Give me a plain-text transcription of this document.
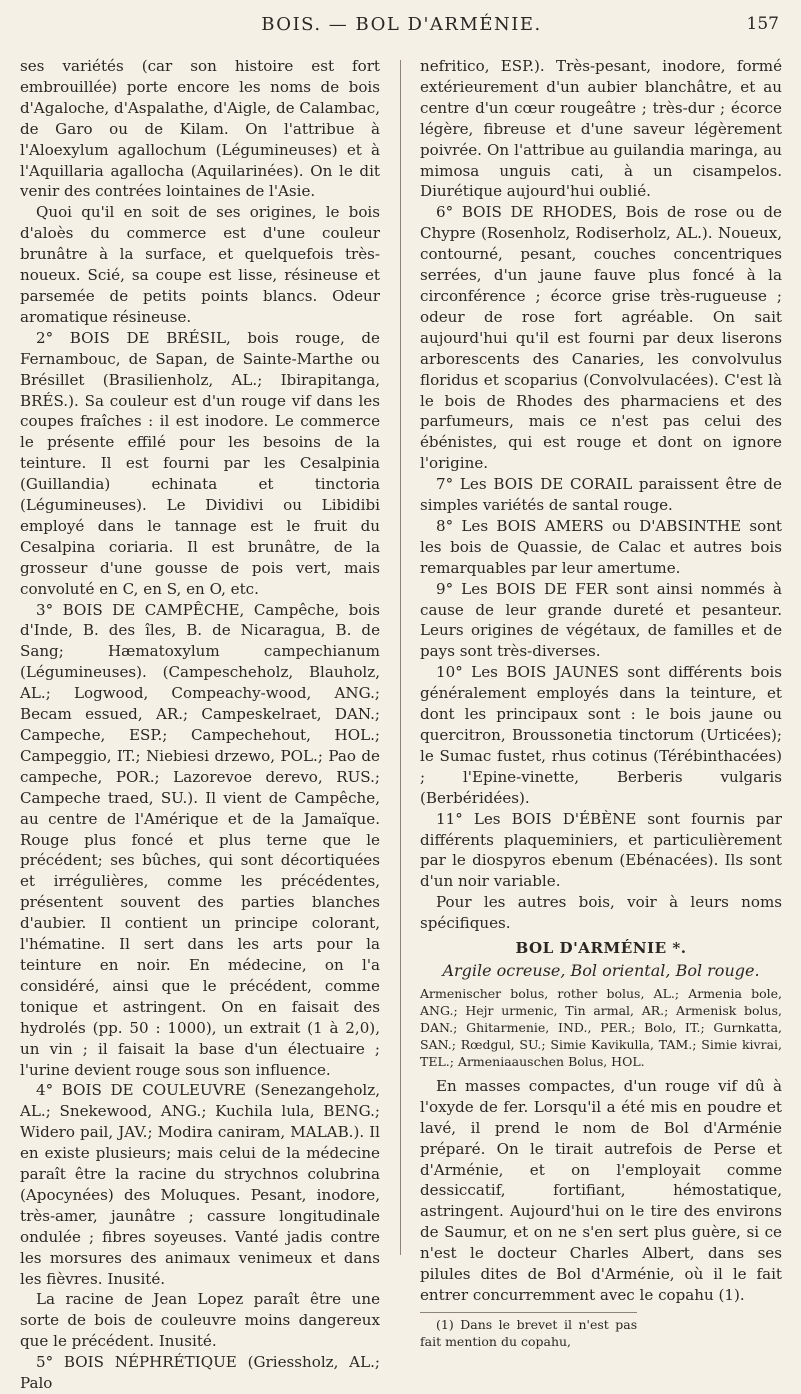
BOIS. — BOL D'ARMÉNIE.	157

ses variétés (car son histoire est fort embrouillée) porte encore les noms de bois d'Agaloche, d'Aspalathe, d'Aigle, de Calambac, de Garo ou de Kilam. On l'attribue à l'Aloexylum agallochum (Légumineuses) et à l'Aquillaria agallocha (Aquilarinées). On le dit venir des contrées lointaines de l'Asie.

Quoi qu'il en soit de ses origines, le bois d'aloès du commerce est d'une couleur brunâtre à la surface, et quelquefois très-noueux. Scié, sa coupe est lisse, résineuse et parsemée de petits points blancs. Odeur aromatique résineuse.

2° BOIS DE BRÉSIL, bois rouge, de Fernambouc, de Sapan, de Sainte-Marthe ou Brésillet (Brasilienholz, AL.; Ibirapitanga, BRÉS.). Sa couleur est d'un rouge vif dans les coupes fraîches : il est inodore. Le commerce le présente effilé pour les besoins de la teinture. Il est fourni par les Cesalpinia (Guillandia) echinata et tinctoria (Légumineuses). Le Dividivi ou Libidibi employé dans le tannage est le fruit du Cesalpina coriaria. Il est brunâtre, de la grosseur d'une gousse de pois vert, mais convoluté en C, en S, en O, etc.

3° BOIS DE CAMPÊCHE, Campêche, bois d'Inde, B. des îles, B. de Nicaragua, B. de Sang; Hæmatoxylum campechianum (Légumineuses). (Campescheholz, Blauholz, AL.; Logwood, Compeachy-wood, ANG.; Becam essued, AR.; Campeskelraet, DAN.; Campeche, ESP.; Campechehout, HOL.; Campeggio, IT.; Niebiesi drzewo, POL.; Pao de campeche, POR.; Lazorevoe derevo, RUS.; Campeche traed, SU.). Il vient de Campêche, au centre de l'Amérique et de la Jamaïque. Rouge plus foncé et plus terne que le précédent; ses bûches, qui sont décortiquées et irrégulières, comme les précédentes, présentent souvent des parties blanches d'aubier. Il contient un principe colorant, l'hématine. Il sert dans les arts pour la teinture en noir. En médecine, on l'a considéré, ainsi que le précédent, comme tonique et astringent. On en faisait des hydrolés (pp. 50 : 1000), un extrait (1 à 2,0), un vin ; il faisait la base d'un électuaire ; l'urine devient rouge sous son influence.

4° BOIS DE COULEUVRE (Senezangeholz, AL.; Snekewood, ANG.; Kuchila lula, BENG.; Widero pail, JAV.; Modira caniram, MALAB.). Il en existe plusieurs; mais celui de la médecine paraît être la racine du strychnos colubrina (Apocynées) des Moluques. Pesant, inodore, très-amer, jaunâtre ; cassure longitudinale ondulée ; fibres soyeuses. Vanté jadis contre les morsures des animaux venimeux et dans les fièvres. Inusité.

La racine de Jean Lopez paraît être une sorte de bois de couleuvre moins dangereux que le précédent. Inusité.

5° BOIS NÉPHRÉTIQUE (Griessholz, AL.; Palo

nefritico, ESP.). Très-pesant, inodore, formé extérieurement d'un aubier blanchâtre, et au centre d'un cœur rougeâtre ; très-dur ; écorce légère, fibreuse et d'une saveur légèrement poivrée. On l'attribue au guilandia maringa, au mimosa unguis cati, à un cisampelos. Diurétique aujourd'hui oublié.

6° BOIS DE RHODES, Bois de rose ou de Chypre (Rosenholz, Rodiserholz, AL.). Noueux, contourné, pesant, couches concentriques serrées, d'un jaune fauve plus foncé à la circonférence ; écorce grise très-rugueuse ; odeur de rose fort agréable. On sait aujourd'hui qu'il est fourni par deux liserons arborescents des Canaries, les convolvulus floridus et scoparius (Convolvulacées). C'est là le bois de Rhodes des pharmaciens et des parfumeurs, mais ce n'est pas celui des ébénistes, qui est rouge et dont on ignore l'origine.

7° Les BOIS DE CORAIL paraissent être de simples variétés de santal rouge.

8° Les BOIS AMERS ou D'ABSINTHE sont les bois de Quassie, de Calac et autres bois remarquables par leur amertume.

9° Les BOIS DE FER sont ainsi nommés à cause de leur grande dureté et pesanteur. Leurs origines de végétaux, de familles et de pays sont très-diverses.

10° Les BOIS JAUNES sont différents bois généralement employés dans la teinture, et dont les principaux sont : le bois jaune ou quercitron, Broussonetia tinctorum (Urticées); le Sumac fustet, rhus cotinus (Térébinthacées) ; l'Epine-vinette, Berberis vulgaris (Berbéridées).

11° Les BOIS D'ÉBÈNE sont fournis par différents plaqueminiers, et particulièrement par le diospyros ebenum (Ebénacées). Ils sont d'un noir variable.

Pour les autres bois, voir à leurs noms spécifiques.

BOL D'ARMÉNIE *.

Argile ocreuse, Bol oriental, Bol rouge.

Armenischer bolus, rother bolus, AL.; Armenia bole, ANG.; Hejr urmenic, Tin armal, AR.; Armenisk bolus, DAN.; Ghitarmenie, IND., PER.; Bolo, IT.; Gurnkatta, SAN.; Rœdgul, SU.; Simie Kavikulla, TAM.; Simie kivrai, TEL.; Armeniaauschen Bolus, HOL.

En masses compactes, d'un rouge vif dû à l'oxyde de fer. Lorsqu'il a été mis en poudre et lavé, il prend le nom de Bol d'Arménie préparé. On le tirait autrefois de Perse et d'Arménie, et on l'employait comme dessiccatif, fortifiant, hémostatique, astringent. Aujourd'hui on le tire des environs de Saumur, et on ne s'en sert plus guère, si ce n'est le docteur Charles Albert, dans ses pilules dites de Bol d'Arménie, où il le fait entrer concurremment avec le copahu (1).

(1) Dans le brevet il n'est pas fait mention du copahu,
